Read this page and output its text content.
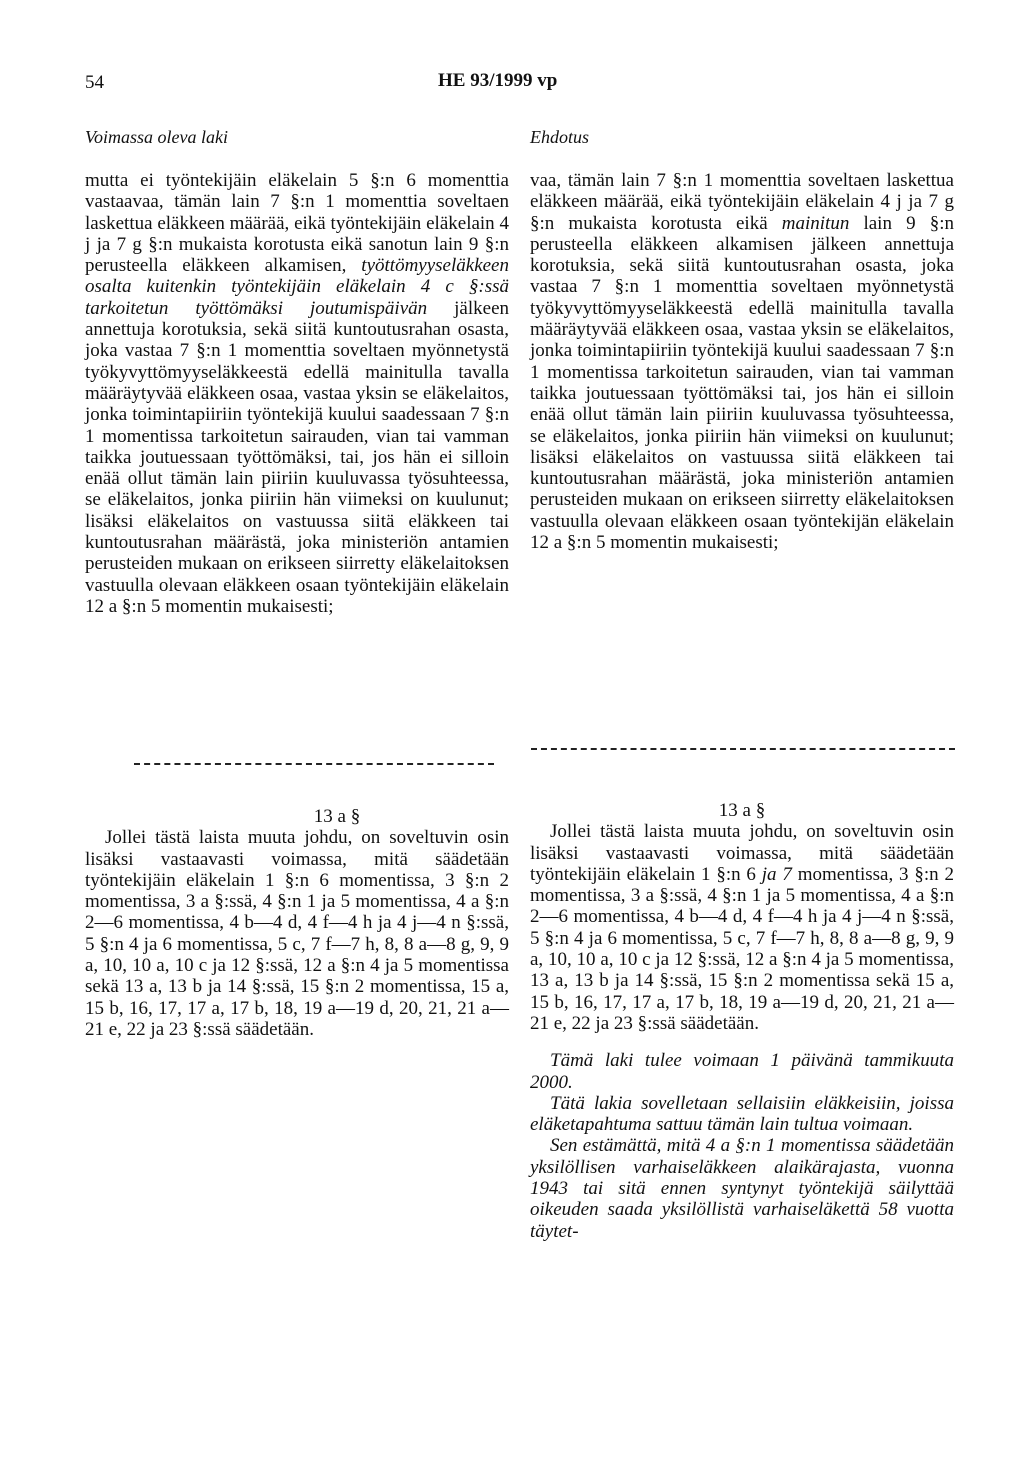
54	HE 93/1999 vp
Voimassa oleva laki	Ehdotus

mutta ei työntekijäin eläkelain 5 §:n 6 momenttia vastaavaa, tämän lain 7 §:n 1 momenttia soveltaen laskettua eläkkeen määrää, eikä työntekijäin eläkelain 4 j ja 7 g §:n mukaista korotusta eikä sanotun lain 9 §:n perusteella eläkkeen alkamisen, työttömyyseläkkeen osalta kuitenkin työntekijäin eläkelain 4 c §:ssä tarkoitetun työttömäksi joutumispäivän jälkeen annettuja korotuksia, sekä siitä kuntoutusrahan osasta, joka vastaa 7 §:n 1 momenttia soveltaen myönnetystä työkyvyttömyyseläkkeestä edellä mainitulla tavalla määräytyvää eläkkeen osaa, vastaa yksin se eläkelaitos, jonka toimintapiiriin työntekijä kuului saadessaan 7 §:n 1 momentissa tarkoitetun sairauden, vian tai vamman taikka joutuessaan työttömäksi, tai, jos hän ei silloin enää ollut tämän lain piiriin kuuluvassa työsuhteessa, se eläkelaitos, jonka piiriin hän viimeksi on kuulunut; lisäksi eläkelaitos on vastuussa siitä eläkkeen tai kuntoutusrahan määrästä, joka ministeriön antamien perusteiden mukaan on erikseen siirretty eläkelaitoksen vastuulla olevaan eläkkeen osaan työntekijäin eläkelain 12 a §:n 5 momentin mukaisesti;

vaa, tämän lain 7 §:n 1 momenttia soveltaen laskettua eläkkeen määrää, eikä työntekijäin eläkelain 4 j ja 7 g §:n mukaista korotusta eikä mainitun lain 9 §:n perusteella eläkkeen alkamisen jälkeen annettuja korotuksia, sekä siitä kuntoutusrahan osasta, joka vastaa 7 §:n 1 momenttia soveltaen myönnetystä työkyvyttömyyseläkkeestä edellä mainitulla tavalla määräytyvää eläkkeen osaa, vastaa yksin se eläkelaitos, jonka toimintapiiriin työntekijä kuului saadessaan 7 §:n 1 momentissa tarkoitetun sairauden, vian tai vamman taikka joutuessaan työttömäksi tai, jos hän ei silloin enää ollut tämän lain piiriin kuuluvassa työsuhteessa, se eläkelaitos, jonka piiriin hän viimeksi on kuulunut; lisäksi eläkelaitos on vastuussa siitä eläkkeen tai kuntoutusrahan määrästä, joka ministeriön antamien perusteiden mukaan on erikseen siirretty eläkelaitoksen vastuulla olevaan eläkkeen osaan työntekijän eläkelain 12 a §:n 5 momentin mukaisesti;

13 a §

Jollei tästä laista muuta johdu, on soveltuvin osin lisäksi vastaavasti voimassa, mitä säädetään työntekijäin eläkelain 1 §:n 6 momentissa, 3 §:n 2 momentissa, 3 a §:ssä, 4 §:n 1 ja 5 momentissa, 4 a §:n 2—6 momentissa, 4 b—4 d, 4 f—4 h ja 4 j—4 n §:ssä, 5 §:n 4 ja 6 momentissa, 5 c, 7 f—7 h, 8, 8 a—8 g, 9, 9 a, 10, 10 a, 10 c ja 12 §:ssä, 12 a §:n 4 ja 5 momentissa sekä 13 a, 13 b ja 14 §:ssä, 15 §:n 2 momentissa, 15 a, 15 b, 16, 17, 17 a, 17 b, 18, 19 a—19 d, 20, 21, 21 a—21 e, 22 ja 23 §:ssä säädetään.

13 a §

Jollei tästä laista muuta johdu, on soveltuvin osin lisäksi vastaavasti voimassa, mitä säädetään työntekijäin eläkelain 1 §:n 6 ja 7 momentissa, 3 §:n 2 momentissa, 3 a §:ssä, 4 §:n 1 ja 5 momentissa, 4 a §:n 2—6 momentissa, 4 b—4 d, 4 f—4 h ja 4 j—4 n §:ssä, 5 §:n 4 ja 6 momentissa, 5 c, 7 f—7 h, 8, 8 a—8 g, 9, 9 a, 10, 10 a, 10 c ja 12 §:ssä, 12 a §:n 4 ja 5 momentissa, 13 a, 13 b ja 14 §:ssä, 15 §:n 2 momentissa sekä 15 a, 15 b, 16, 17, 17 a, 17 b, 18, 19 a—19 d, 20, 21, 21 a—21 e, 22 ja 23 §:ssä säädetään.

Tämä laki tulee voimaan 1 päivänä tammikuuta 2000.

Tätä lakia sovelletaan sellaisiin eläkkeisiin, joissa eläketapahtuma sattuu tämän lain tultua voimaan.

Sen estämättä, mitä 4 a §:n 1 momentissa säädetään yksilöllisen varhaiseläkkeen alaikärajasta, vuonna 1943 tai sitä ennen syntynyt työntekijä säilyttää oikeuden saada yksilöllistä varhaiseläkettä 58 vuotta täytet-
